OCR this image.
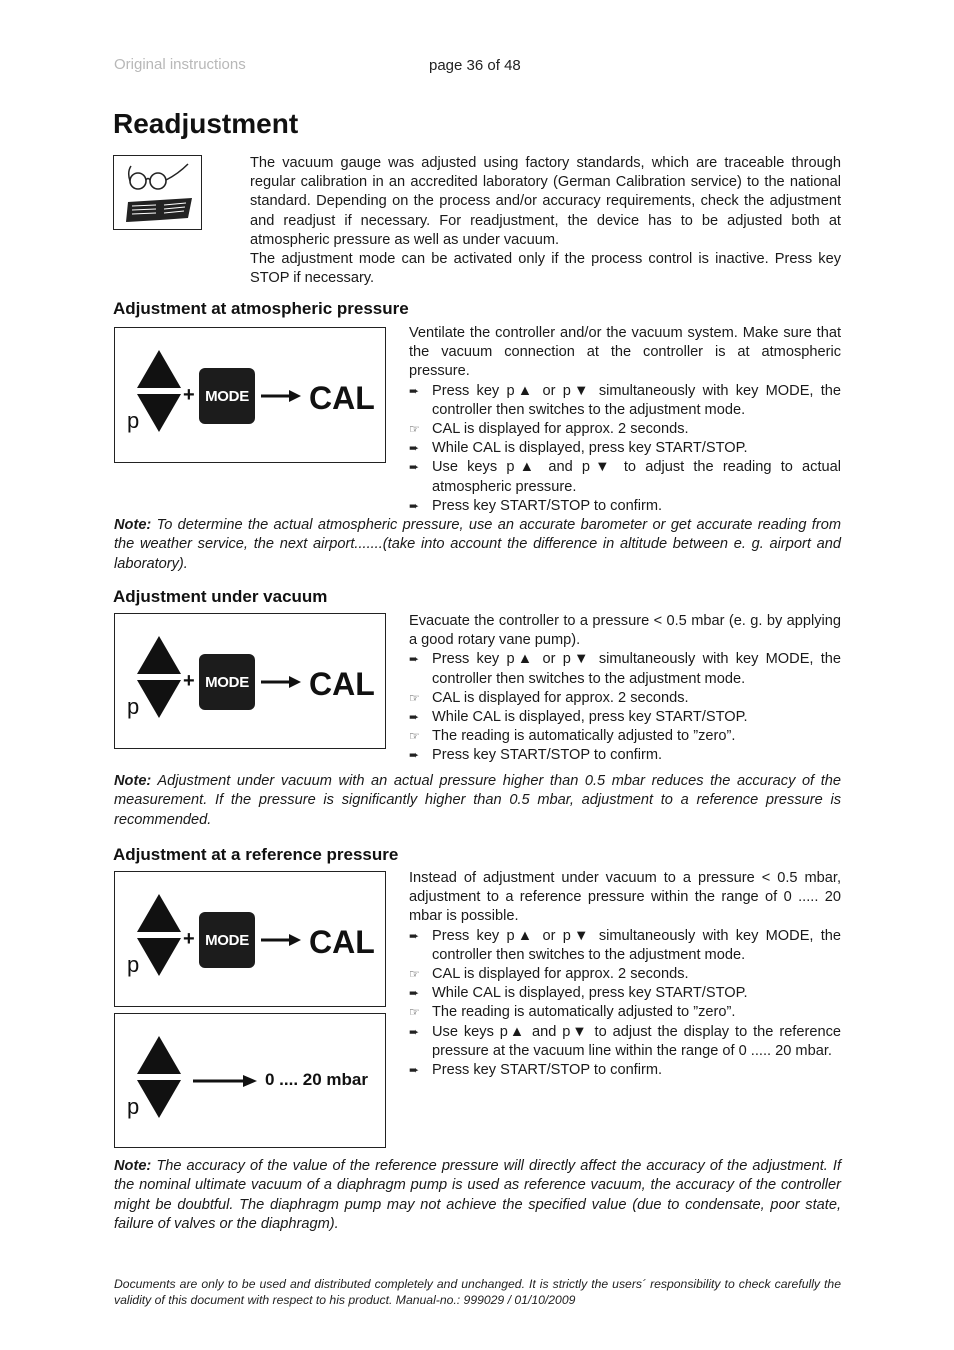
Original instructions	page 36 of 48
Readjustment

The vacuum gauge was adjusted using factory standards, which are traceable through regular calibration in an accredited laboratory (German Calibration service) to the national standard. Depending on the process and/or accuracy requirements, check the adjustment and readjust if necessary. For readjustment, the device has to be adjusted both at atmospheric pressure as well as under vacuum.

The adjustment mode can be activated only if the process control is inactive. Press key STOP if necessary.

Adjustment at atmospheric pressure
p
+ MODE CAL

Ventilate the controller and/or the vacuum system. Make sure that the vacuum connection at the controller is at atmospheric pressure.

➨ Press key p▲ or p▼ simultaneously with key MODE, the controller then switches to the adjustment mode.
☞ CAL is displayed for approx. 2 seconds.
➨ While CAL is displayed, press key START/STOP.
➨ Use keys p▲ and p▼ to adjust the reading to actual atmospheric pressure.
➨ Press key START/STOP to confirm.
Note: To determine the actual atmospheric pressure, use an accurate barometer or get accurate reading from the weather service, the next airport.......(take into account the difference in altitude between e. g. airport and laboratory).
Adjustment under vacuum
p
+ MODE CAL

Evacuate the controller to a pressure < 0.5 mbar (e. g. by applying a good rotary vane pump).

➨ Press key p▲ or p▼ simultaneously with key MODE, the controller then switches to the adjustment mode.
☞ CAL is displayed for approx. 2 seconds.
➨ While CAL is displayed, press key START/STOP.
☞ The reading is automatically adjusted to ”zero”.
➨ Press key START/STOP to confirm.
Note: Adjustment under vacuum with an actual pressure higher than 0.5 mbar reduces the accuracy of the measurement. If the pressure is significantly higher than 0.5 mbar, adjustment to a reference pressure is recommended.
Adjustment at a reference pressure
p
+ MODE CAL
p
0 .... 20 mbar

Instead of adjustment under vacuum to a pressure < 0.5 mbar, adjustment to a reference pressure within the range of 0 ..... 20 mbar is possible.

➨ Press key p▲ or p▼ simultaneously with key MODE, the controller then switches to the adjustment mode.
☞ CAL is displayed for approx. 2 seconds.
➨ While CAL is displayed, press key START/STOP.
☞ The reading is automatically adjusted to ”zero”.
➨ Use keys p▲ and p▼ to adjust the display to the reference pressure at the vacuum line within the range of 0 ..... 20 mbar.
➨ Press key START/STOP to confirm.
Note: The accuracy of the value of the reference pressure will directly affect the accuracy of the adjustment. If the nominal ultimate vacuum of a diaphragm pump is used as reference vacuum, the accuracy of the controller might be doubtful. The diaphragm pump may not achieve the specified value (due to condensate, poor state, failure of valves or the diaphragm).
Documents are only to be used and distributed completely and unchanged. It is strictly the users´ responsibility to check carefully the validity of this document with respect to his product. Manual-no.: 999029 / 01/10/2009
